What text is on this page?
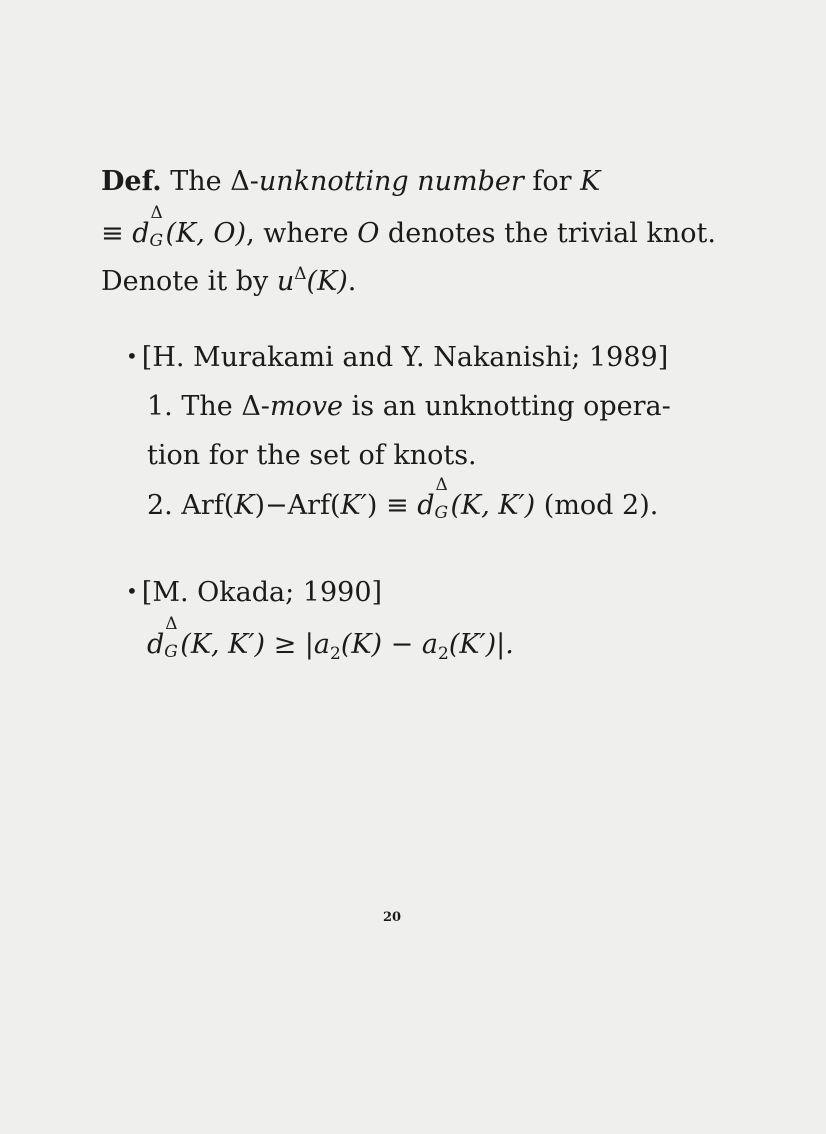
Def. The Δ-unknotting number for K
≡ d
Δ
G (K, O), where O denotes the trivial knot.
Denote it by $u^\Delta(K)$.
• [H. Murakami and Y. Nakanishi; 1989]
1. The Δ-move is an unknotting opera-
tion for the set of knots.
2. Arf(K)−Arf(K′) ≡ d
Δ
G (K, K′) (mod 2).
• [M. Okada; 1990]
d
Δ
G (K, $K') \ge |a_2(K) - a_2(K')|$.
20
